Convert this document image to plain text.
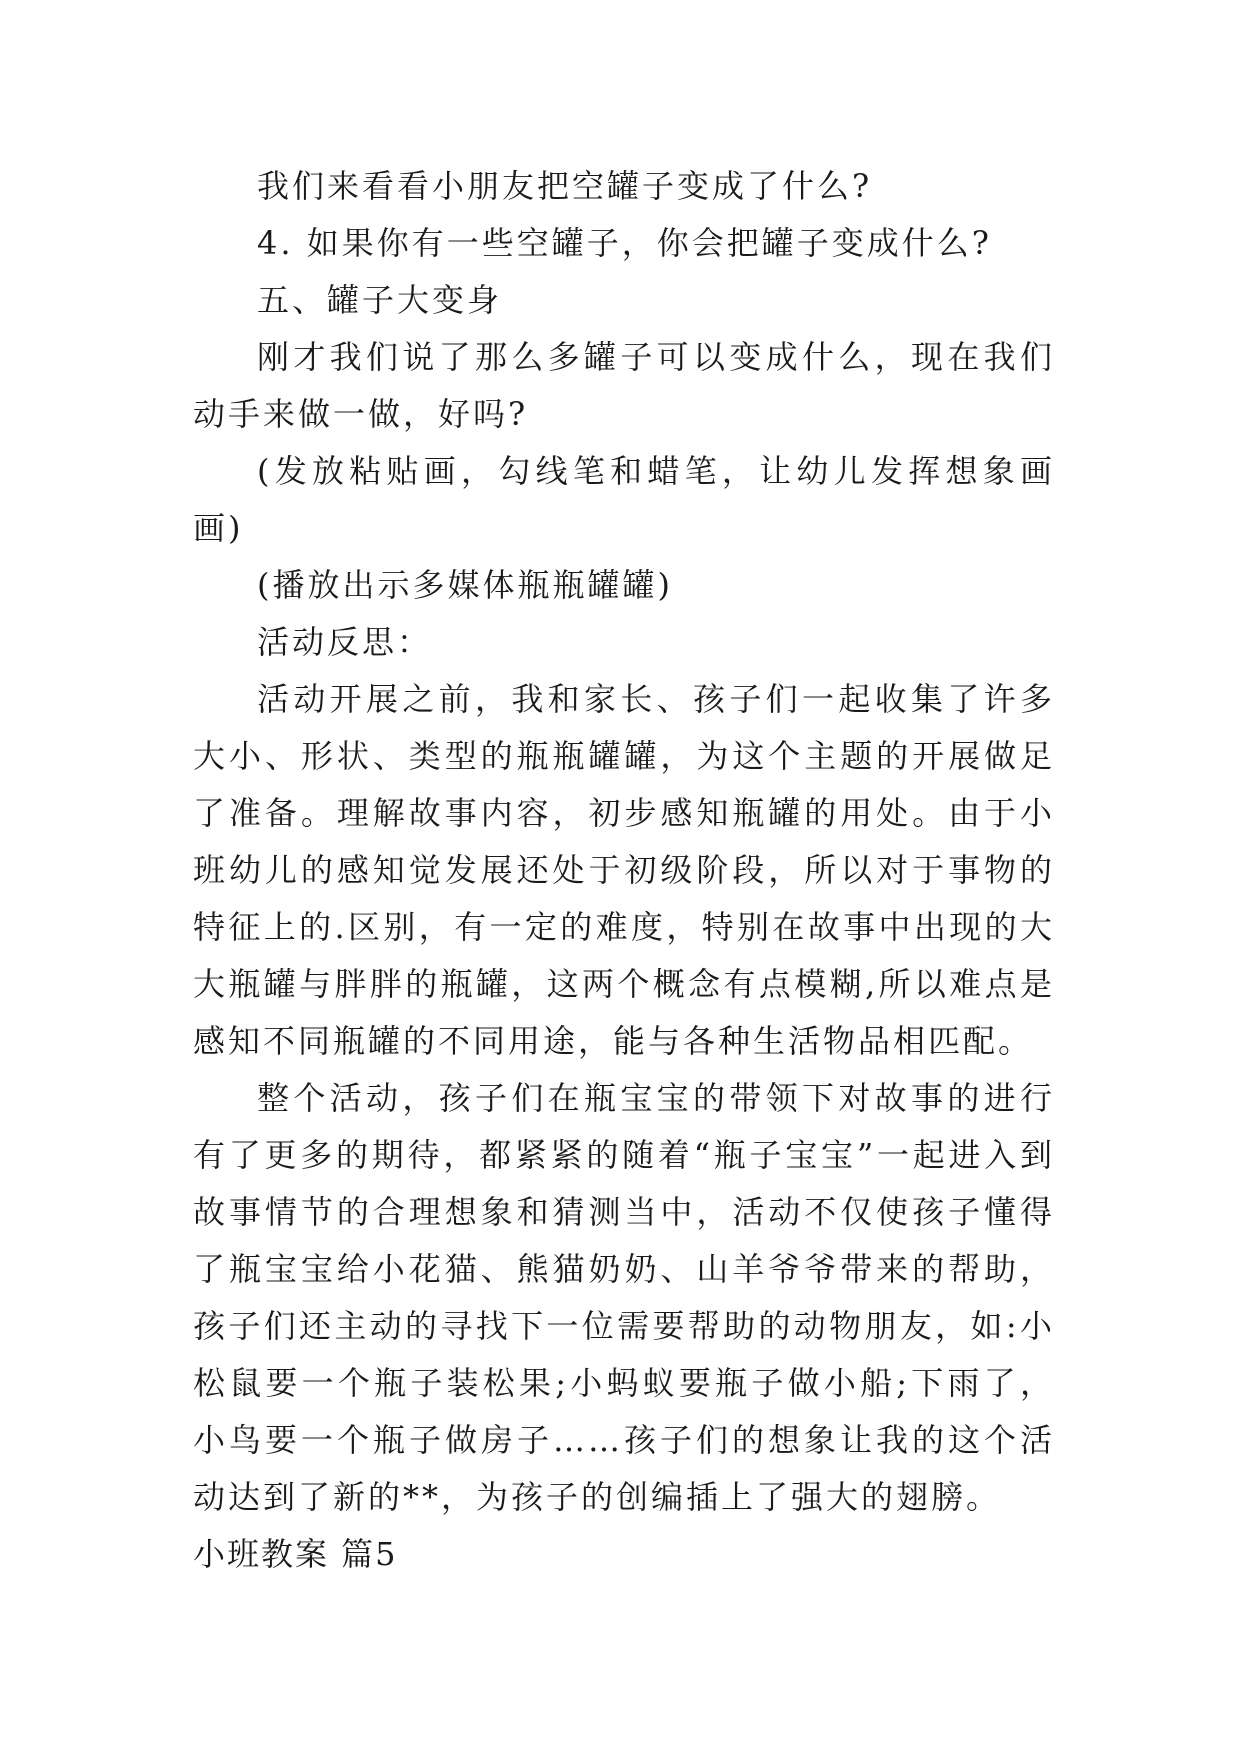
我们来看看小朋友把空罐子变成了什么?

4. 如果你有一些空罐子，你会把罐子变成什么?

五、罐子大变身

刚才我们说了那么多罐子可以变成什么，现在我们动手来做一做，好吗?

(发放粘贴画，勾线笔和蜡笔，让幼儿发挥想象画画)

(播放出示多媒体瓶瓶罐罐)

活动反思：

活动开展之前，我和家长、孩子们一起收集了许多大小、形状、类型的瓶瓶罐罐，为这个主题的开展做足了准备。理解故事内容，初步感知瓶罐的用处。由于小班幼儿的感知觉发展还处于初级阶段，所以对于事物的特征上的.区别，有一定的难度，特别在故事中出现的大大瓶罐与胖胖的瓶罐，这两个概念有点模糊,所以难点是感知不同瓶罐的不同用途，能与各种生活物品相匹配。

整个活动，孩子们在瓶宝宝的带领下对故事的进行有了更多的期待，都紧紧的随着“瓶子宝宝”一起进入到故事情节的合理想象和猜测当中，活动不仅使孩子懂得了瓶宝宝给小花猫、熊猫奶奶、山羊爷爷带来的帮助，孩子们还主动的寻找下一位需要帮助的动物朋友，如:小松鼠要一个瓶子装松果;小蚂蚁要瓶子做小船;下雨了，小鸟要一个瓶子做房子……孩子们的想象让我的这个活动达到了新的**，为孩子的创编插上了强大的翅膀。

小班教案 篇5
